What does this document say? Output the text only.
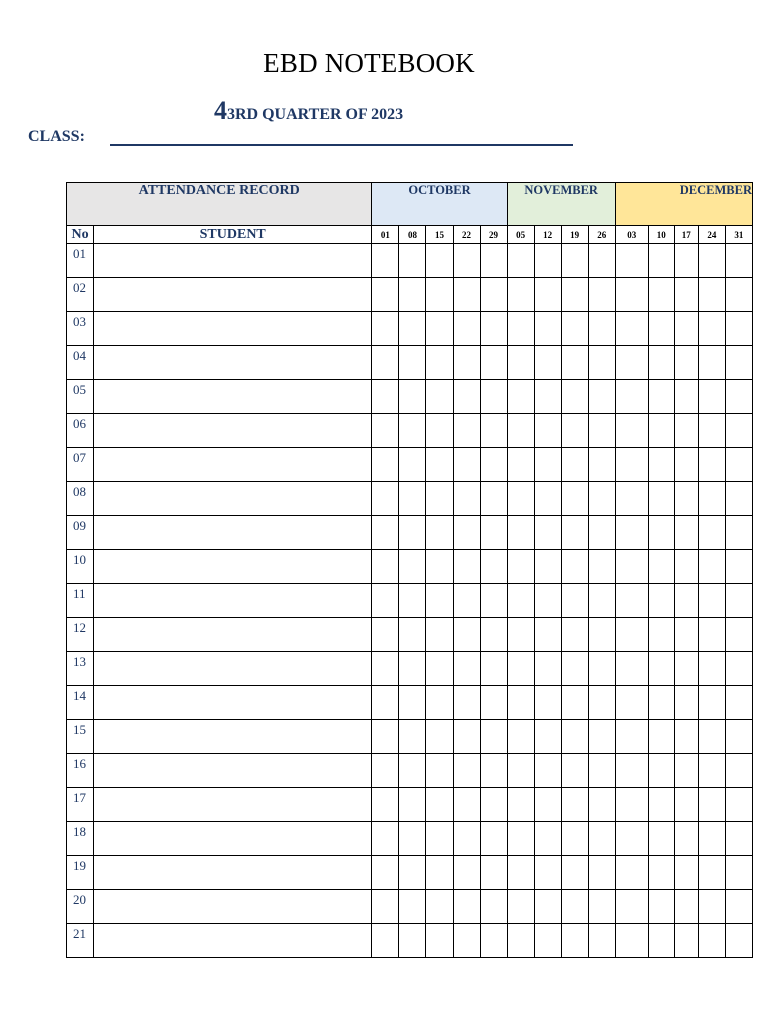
EBD NOTEBOOK
43RD QUARTER OF 2023
CLASS:
ATTENDANCE RECORD		OCTOBER					NOVEMBER				DECEMBER				
No	STUDENT	01	08	15	22	29	05	12	19	26	03	10	17	24	31
01															
02															
03															
04															
05															
06															
07															
08															
09															
10															
11															
12															
13															
14															
15															
16															
17															
18															
19															
20															
21															
